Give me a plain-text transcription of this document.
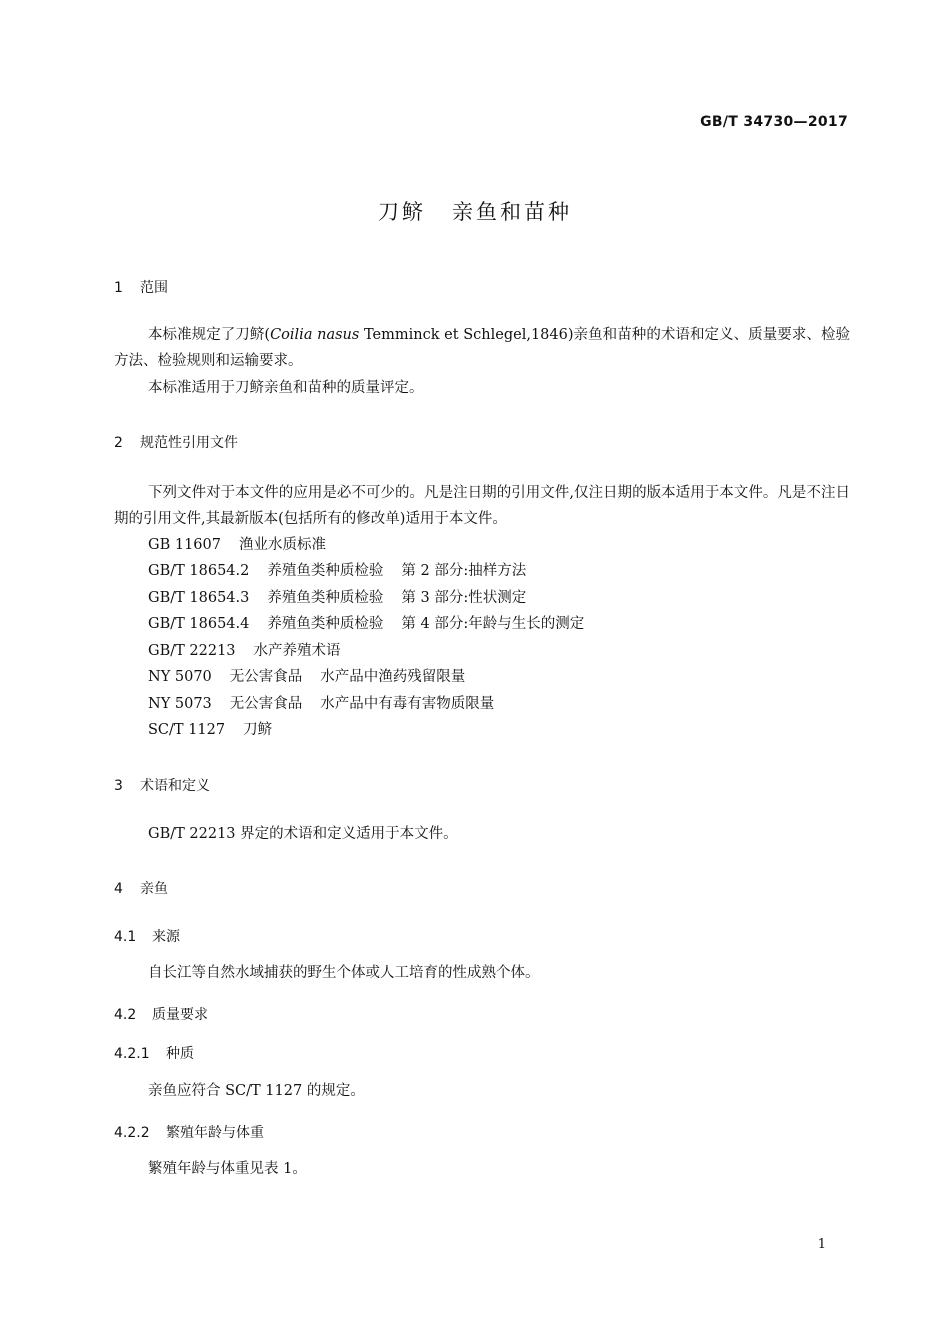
GB/T 34730—2017
刀鲚 亲鱼和苗种
1 范围
本标准规定了刀鲚(Coilia nasus Temminck et Schlegel,1846)亲鱼和苗种的术语和定义、质量要求、检验方法、检验规则和运输要求。
本标准适用于刀鲚亲鱼和苗种的质量评定。
2 规范性引用文件
下列文件对于本文件的应用是必不可少的。凡是注日期的引用文件,仅注日期的版本适用于本文件。凡是不注日期的引用文件,其最新版本(包括所有的修改单)适用于本文件。
GB 11607 渔业水质标准
GB/T 18654.2 养殖鱼类种质检验 第 2 部分:抽样方法
GB/T 18654.3 养殖鱼类种质检验 第 3 部分:性状测定
GB/T 18654.4 养殖鱼类种质检验 第 4 部分:年龄与生长的测定
GB/T 22213 水产养殖术语
NY 5070 无公害食品 水产品中渔药残留限量
NY 5073 无公害食品 水产品中有毒有害物质限量
SC/T 1127 刀鲚
3 术语和定义
GB/T 22213 界定的术语和定义适用于本文件。
4 亲鱼
4.1 来源
自长江等自然水域捕获的野生个体或人工培育的性成熟个体。
4.2 质量要求
4.2.1 种质
亲鱼应符合 SC/T 1127 的规定。
4.2.2 繁殖年龄与体重
繁殖年龄与体重见表 1。
1
